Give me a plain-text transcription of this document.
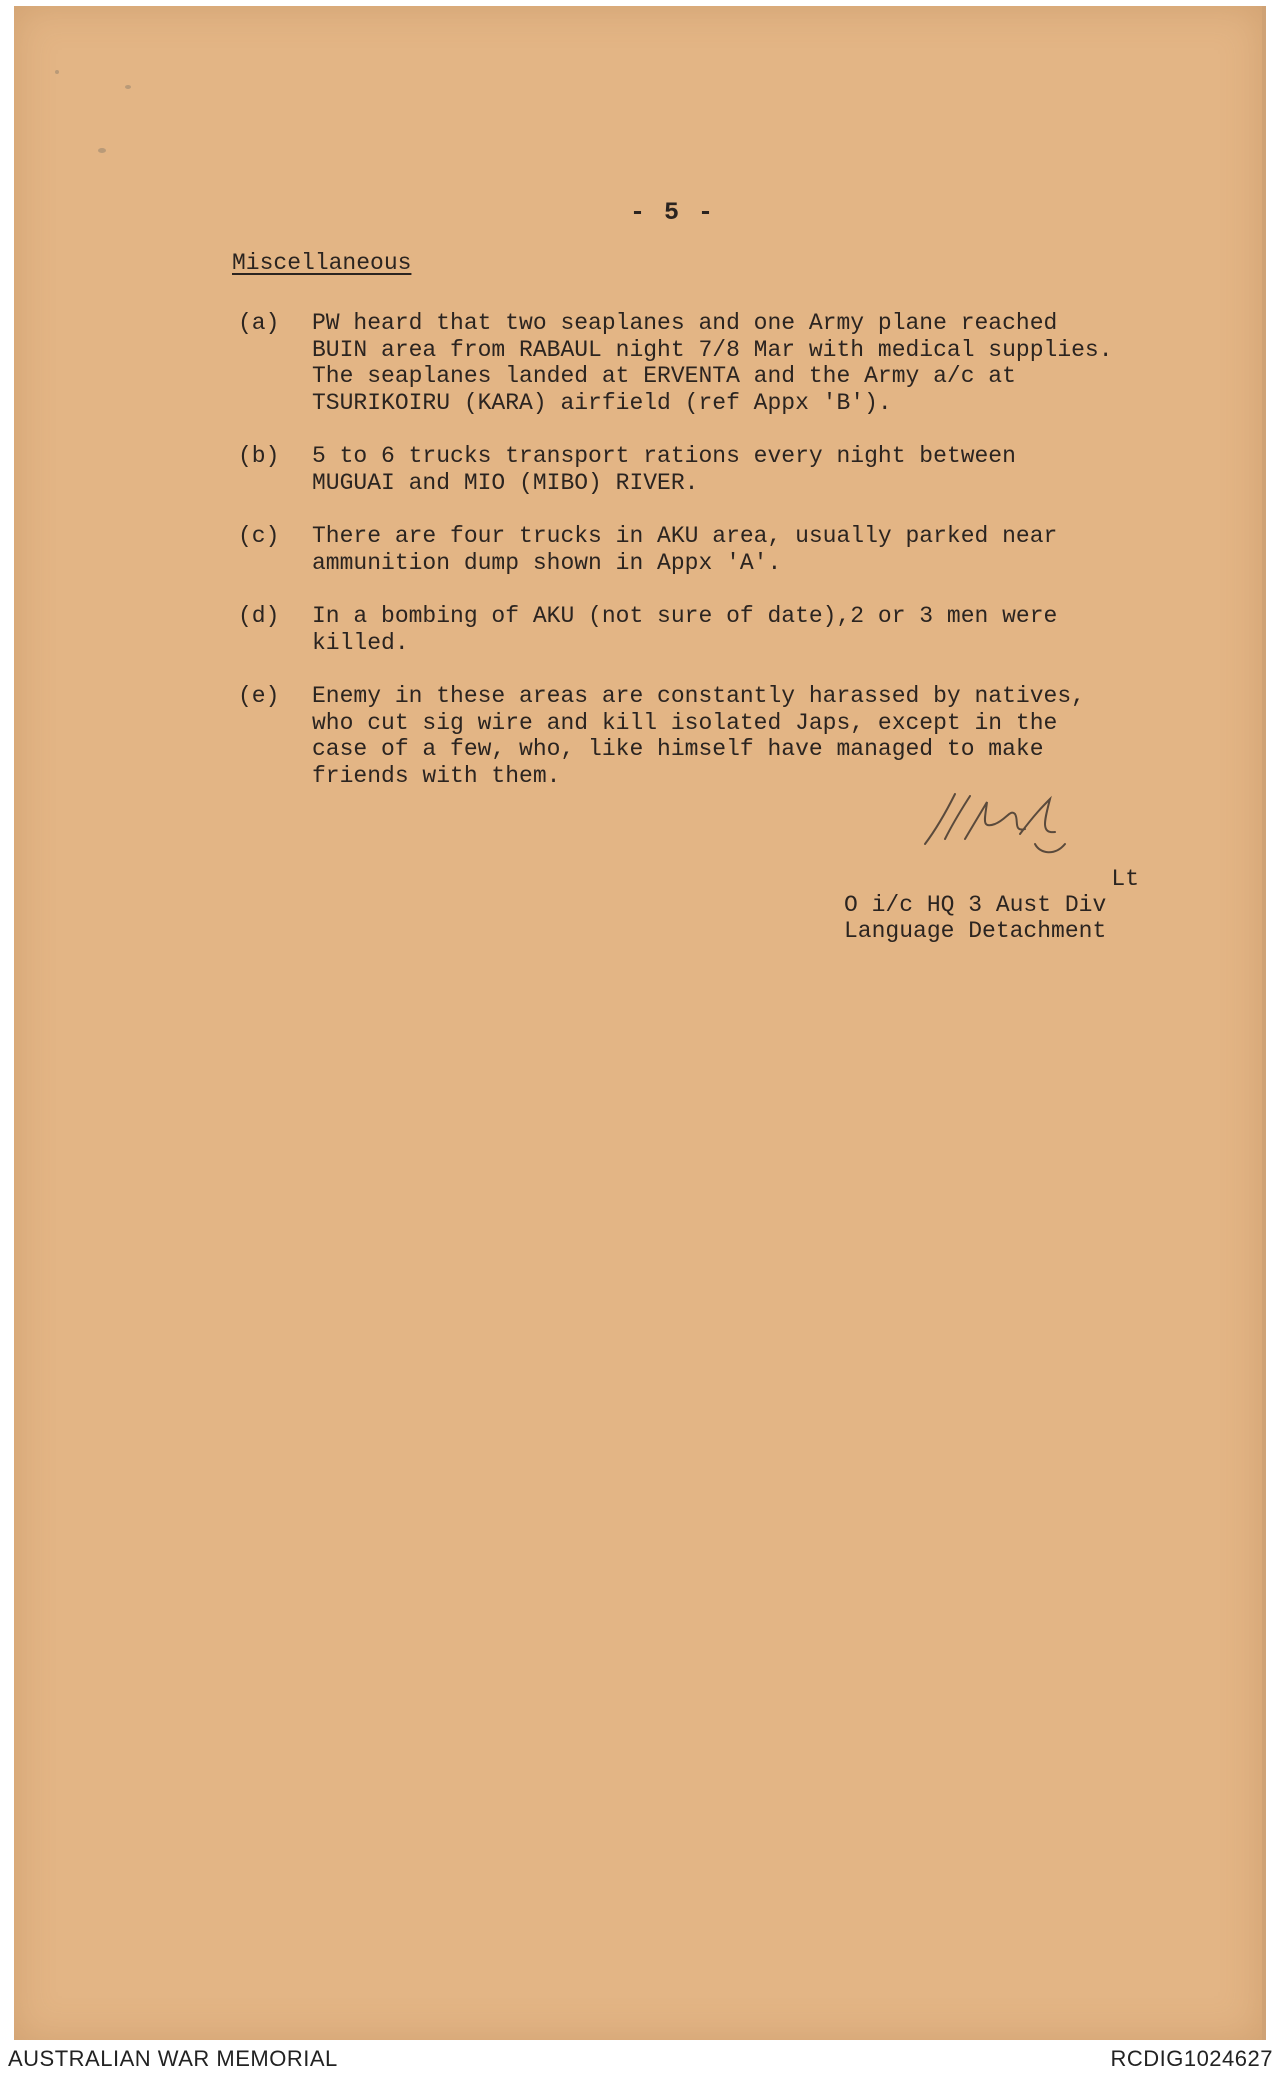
- 5 -
Miscellaneous
(a)	PW heard that two seaplanes and one Army plane reached
BUIN area from RABAUL night 7/8 Mar with medical supplies.
The seaplanes landed at ERVENTA and the Army a/c at
TSURIKOIRU (KARA) airfield (ref Appx 'B').
(b)	5 to 6 trucks transport rations every night between
MUGUAI and MIO (MIBO) RIVER.
(c)	There are four trucks in AKU area, usually parked near
ammunition dump shown in Appx 'A'.
(d)	In a bombing of AKU (not sure of date),2 or 3 men were
killed.
(e)	Enemy in these areas are constantly harassed by natives,
who cut sig wire and kill isolated Japs, except in the
case of a few, who, like himself have managed to make
friends with them.
Lt
O i/c HQ 3 Aust Div
Language Detachment
AUSTRALIAN WAR MEMORIAL	RCDIG1024627
